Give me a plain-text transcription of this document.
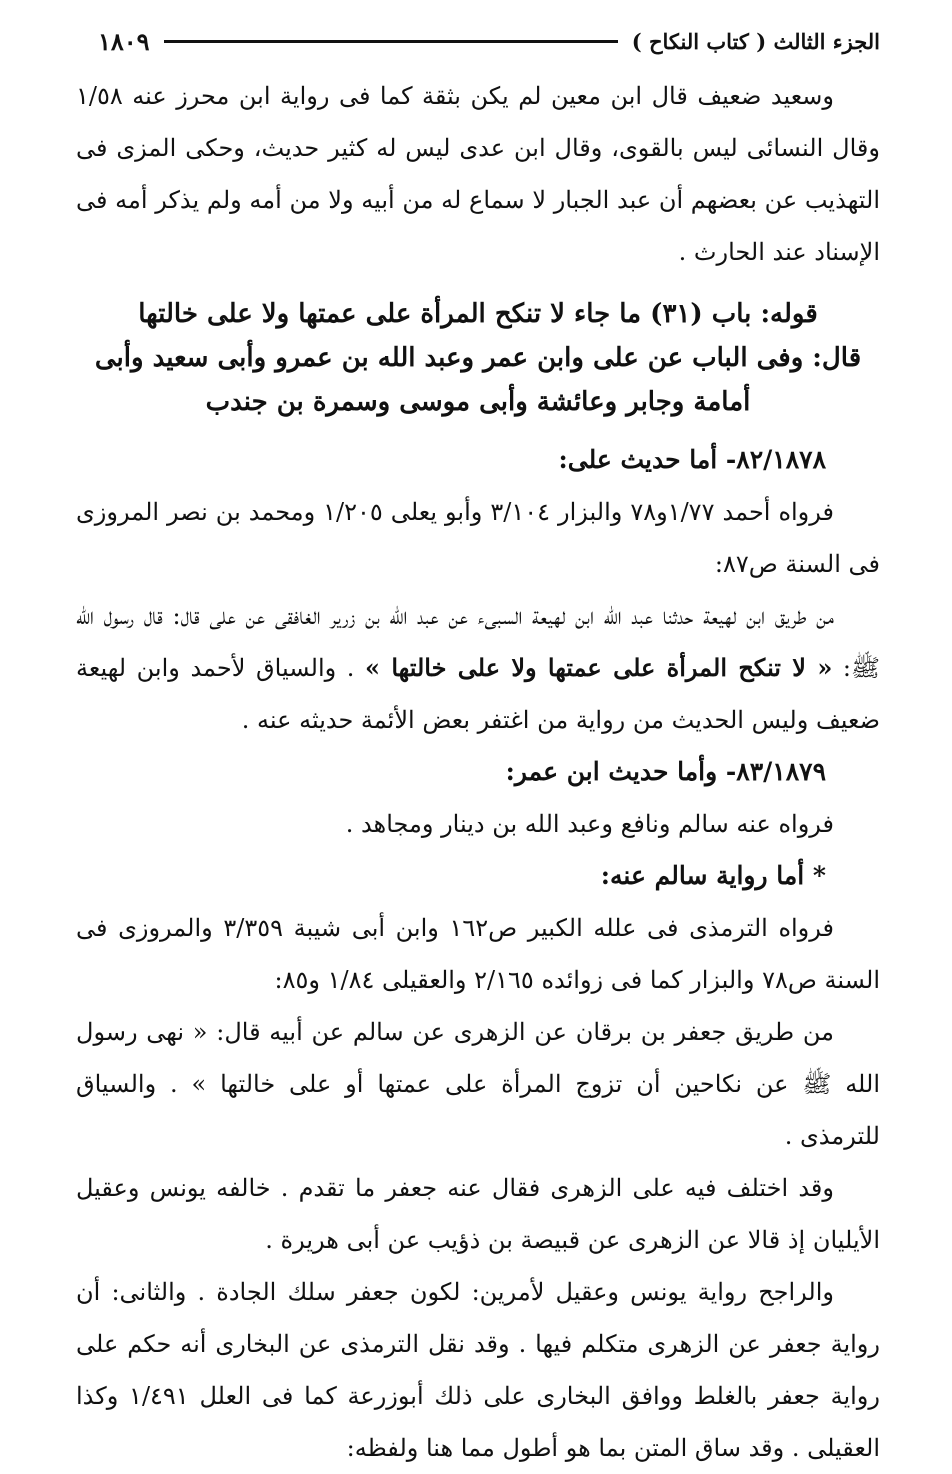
الجزء الثالث ( كتاب النكاح )
١٨٠٩

وسعيد ضعيف قال ابن معين لم يكن بثقة كما فى رواية ابن محرز عنه ١/٥٨ وقال النسائى ليس بالقوى، وقال ابن عدى ليس له كثير حديث، وحكى المزى فى التهذيب عن بعضهم أن عبد الجبار لا سماع له من أبيه ولا من أمه ولم يذكر أمه فى الإسناد عند الحارث .

قوله: باب (٣١) ما جاء لا تنكح المرأة على عمتها ولا على خالتها

قال: وفى الباب عن على وابن عمر وعبد الله بن عمرو وأبى سعيد وأبى أمامة وجابر وعائشة وأبى موسى وسمرة بن جندب

٨٢/١٨٧٨- أما حديث على:

فرواه أحمد ١/٧٧و٧٨ والبزار ٣/١٠٤ وأبو يعلى ١/٢٠٥ ومحمد بن نصر المروزى فى السنة ص٨٧:

من طريق ابن لهيعة حدثنا عبد الله ابن لهيعة السبىء عن عبد الله بن زرير الغافقى عن على قال: قال رسول الله ﷺ: « لا تنكح المرأة على عمتها ولا على خالتها » . والسياق لأحمد وابن لهيعة ضعيف وليس الحديث من رواية من اغتفر بعض الأئمة حديثه عنه .

٨٣/١٨٧٩- وأما حديث ابن عمر:

فرواه عنه سالم ونافع وعبد الله بن دينار ومجاهد .

* أما رواية سالم عنه:

فرواه الترمذى فى علله الكبير ص١٦٢ وابن أبى شيبة ٣/٣٥٩ والمروزى فى السنة ص٧٨ والبزار كما فى زوائده ٢/١٦٥ والعقيلى ١/٨٤ و٨٥:

من طريق جعفر بن برقان عن الزهرى عن سالم عن أبيه قال: « نهى رسول الله ﷺ عن نكاحين أن تزوج المرأة على عمتها أو على خالتها » . والسياق للترمذى .

وقد اختلف فيه على الزهرى فقال عنه جعفر ما تقدم . خالفه يونس وعقيل الأيليان إذ قالا عن الزهرى عن قبيصة بن ذؤيب عن أبى هريرة .

والراجح رواية يونس وعقيل لأمرين: لكون جعفر سلك الجادة . والثانى: أن رواية جعفر عن الزهرى متكلم فيها . وقد نقل الترمذى عن البخارى أنه حكم على رواية جعفر بالغلط ووافق البخارى على ذلك أبوزرعة كما فى العلل ١/٤٩١ وكذا العقيلى . وقد ساق المتن بما هو أطول مما هنا ولفظه:
